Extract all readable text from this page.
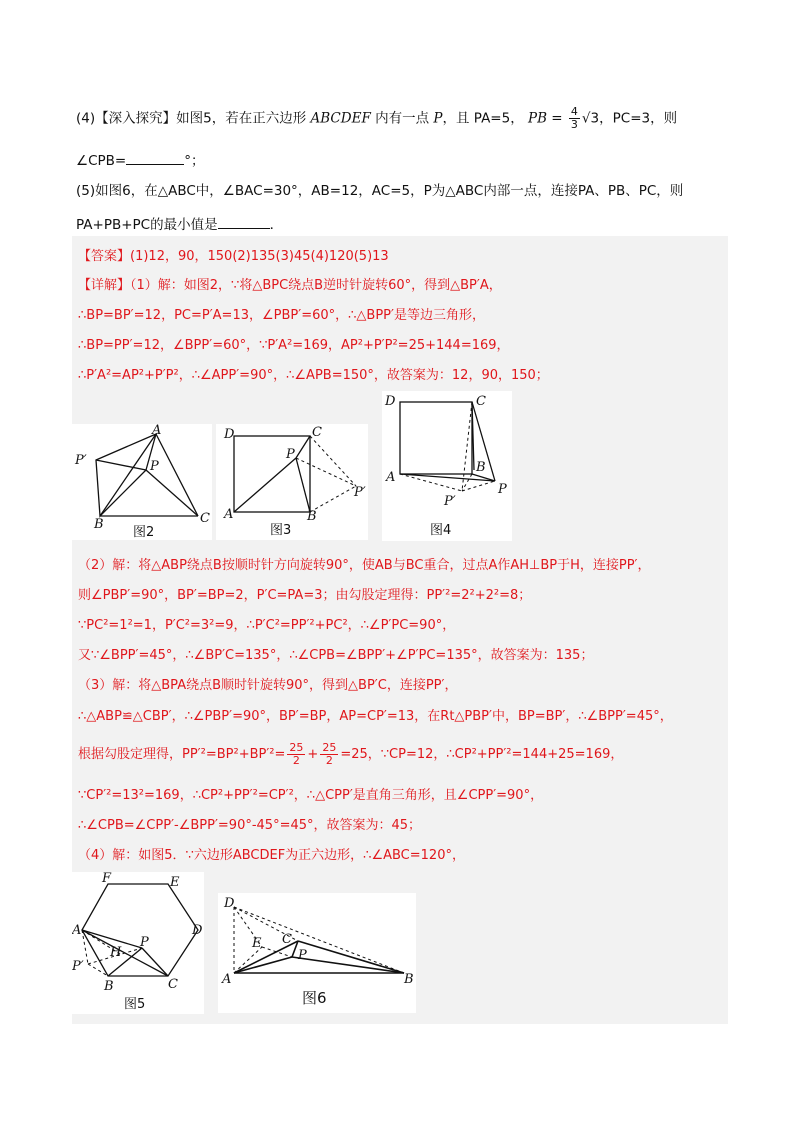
(4)【深入探究】如图5，若在正六边形 ABCDEF 内有一点 P，且 PA=5， PB = $\frac{4}{3} √3$，PC=3，则
∠CPB=	°；
(5)如图6，在△ABC中，∠BAC=30°，AB=12，AC=5，P为△ABC内部一点，连接PA、PB、PC，则
PA+PB+PC的最小值是	．
【答案】(1)12，90，150(2)135(3)45(4)120(5)13
【详解】（1）解：如图2，∵将△BPC绕点B逆时针旋转60°，得到△BP′A，
∴BP=BP′=12，PC=P′A=13，∠PBP′=60°，∴△BPP′是等边三角形，
∴BP=PP′=12，∠BPP′=60°，∵P′A²=169，AP²+P′P²=25+144=169，
∴P′A²=AP²+P′P²，∴∠APP′=90°，∴∠APB=150°，故答案为：12，90，150；
A
P′	P
B	C
图2
D	C
P
P′
A	B
图3
D	C
B
A
P
P′
图4
（2）解：将△ABP绕点B按顺时针方向旋转90°，使AB与BC重合，过点A作AH⊥BP于H，连接PP′，
则∠PBP′=90°，BP′=BP=2，P′C=PA=3；由勾股定理得：PP′²=2²+2²=8；
∵PC²=1²=1，P′C²=3²=9，∴P′C²=PP′²+PC²，∴∠P′PC=90°，
又∵∠BPP′=45°，∴∠BP′C=135°，∴∠CPB=∠BPP′+∠P′PC=135°，故答案为：135；
（3）解：将△BPA绕点B顺时针旋转90°，得到△BP′C，连接PP′，
∴△ABP≌△CBP′，∴∠PBP′=90°，BP′=BP，AP=CP′=13，在Rt△PBP′中，BP=BP′，∴∠BPP′=45°，
根据勾股定理得，$PP'^2=BP^2+BP'^2= \frac{25}{2} + \frac{25}{2} =25$，∵CP=12，∴CP²+PP′²=144+25=169，
∵CP′²=13²=169，∴CP²+PP′²=CP′²，∴△CPP′是直角三角形，且∠CPP′=90°，
∴∠CPB=∠CPP′-∠BPP′=90°-45°=45°，故答案为：45；
（4）解：如图5．∵六边形ABCDEF为正六边形，∴∠ABC=120°，
F	E
A	D
H
P
P′
B	C
图5
D
E C
P
A	B
图6
